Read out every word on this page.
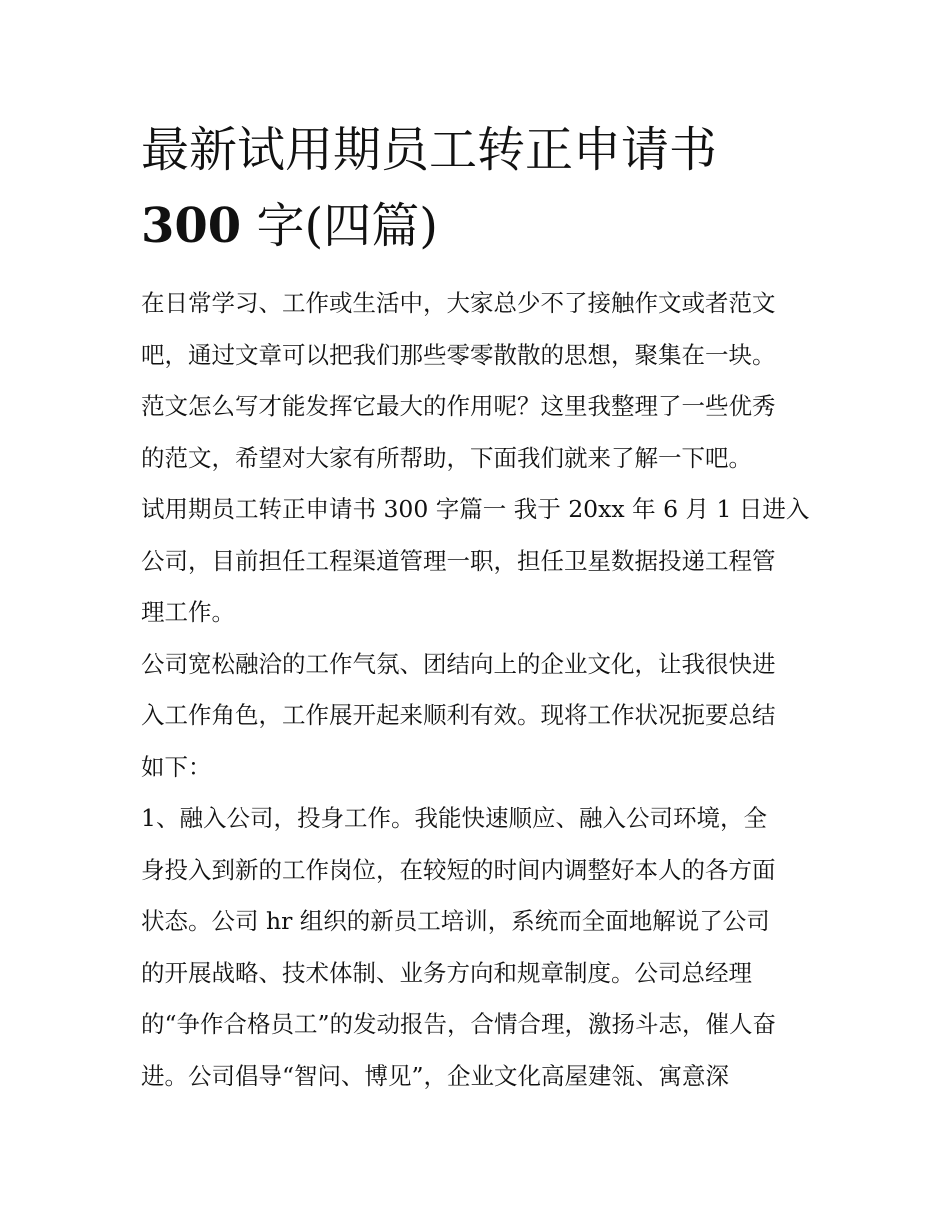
最新试用期员工转正申请书
300 字(四篇)
在日常学习、工作或生活中，大家总少不了接触作文或者范文
吧，通过文章可以把我们那些零零散散的思想，聚集在一块。
范文怎么写才能发挥它最大的作用呢？这里我整理了一些优秀
的范文，希望对大家有所帮助，下面我们就来了解一下吧。
试用期员工转正申请书 300 字篇一 我于 20xx 年 6 月 1 日进入
公司，目前担任工程渠道管理一职，担任卫星数据投递工程管
理工作。
公司宽松融洽的工作气氛、团结向上的企业文化，让我很快进
入工作角色，工作展开起来顺利有效。现将工作状况扼要总结
如下：
1、融入公司，投身工作。我能快速顺应、融入公司环境，全
身投入到新的工作岗位，在较短的时间内调整好本人的各方面
状态。公司 hr 组织的新员工培训，系统而全面地解说了公司
的开展战略、技术体制、业务方向和规章制度。公司总经理
的“争作合格员工”的发动报告，合情合理，激扬斗志，催人奋
进。公司倡导“智问、博见”，企业文化高屋建瓴、寓意深
